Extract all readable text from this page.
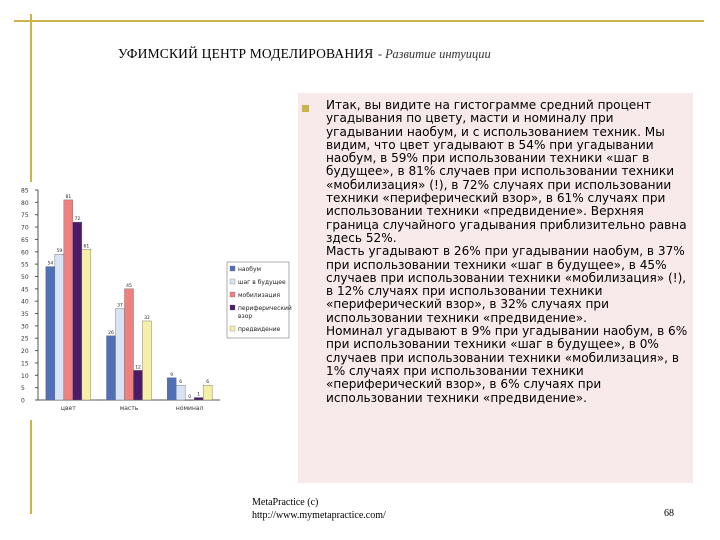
УФИМСКИЙ ЦЕНТР МОДЕЛИРОВАНИЯ - Развитие интуиции

Итак, вы видите на гистограмме средний процент угадывания по цвету, масти и номиналу при угадывании наобум, и с использованием техник. Мы видим, что цвет угадывают в 54% при угадывании наобум, в 59% при использовании техники «шаг в будущее», в 81% случаев при использовании техники «мобилизация» (!), в 72% случаях при использовании техники «периферический взор», в 61% случаях при использовании техники «предвидение». Верхняя граница случайного угадывания приблизительно равна здесь 52%.
Масть угадывают в 26% при угадывании наобум, в 37% при использовании техники «шаг в будущее», в 45% случаев при использовании техники «мобилизация» (!), в 12% случаях при использовании техники «периферический взор», в 32% случаях при использовании техники «предвидение».
Номинал угадывают в 9% при угадывании наобум, в 6% при использовании техники «шаг в будущее», в 0% случаев при использовании техники «мобилизация», в 1% случаях при использовании техники «периферический взор», в 6% случаях при использовании техники «предвидение».

85
80
75
70
65
60
55
50
45
40
35
30
25
20
15
10
5
0
54
59
81
72
61
цвет
26
37
45
12
32
масть
9
6
0 1
6
номинал
наобум
шаг в будущее
мобилизация
периферический
взор
предвидение
MetaPractice (c)
http://www.mymetapractice.com/	68
